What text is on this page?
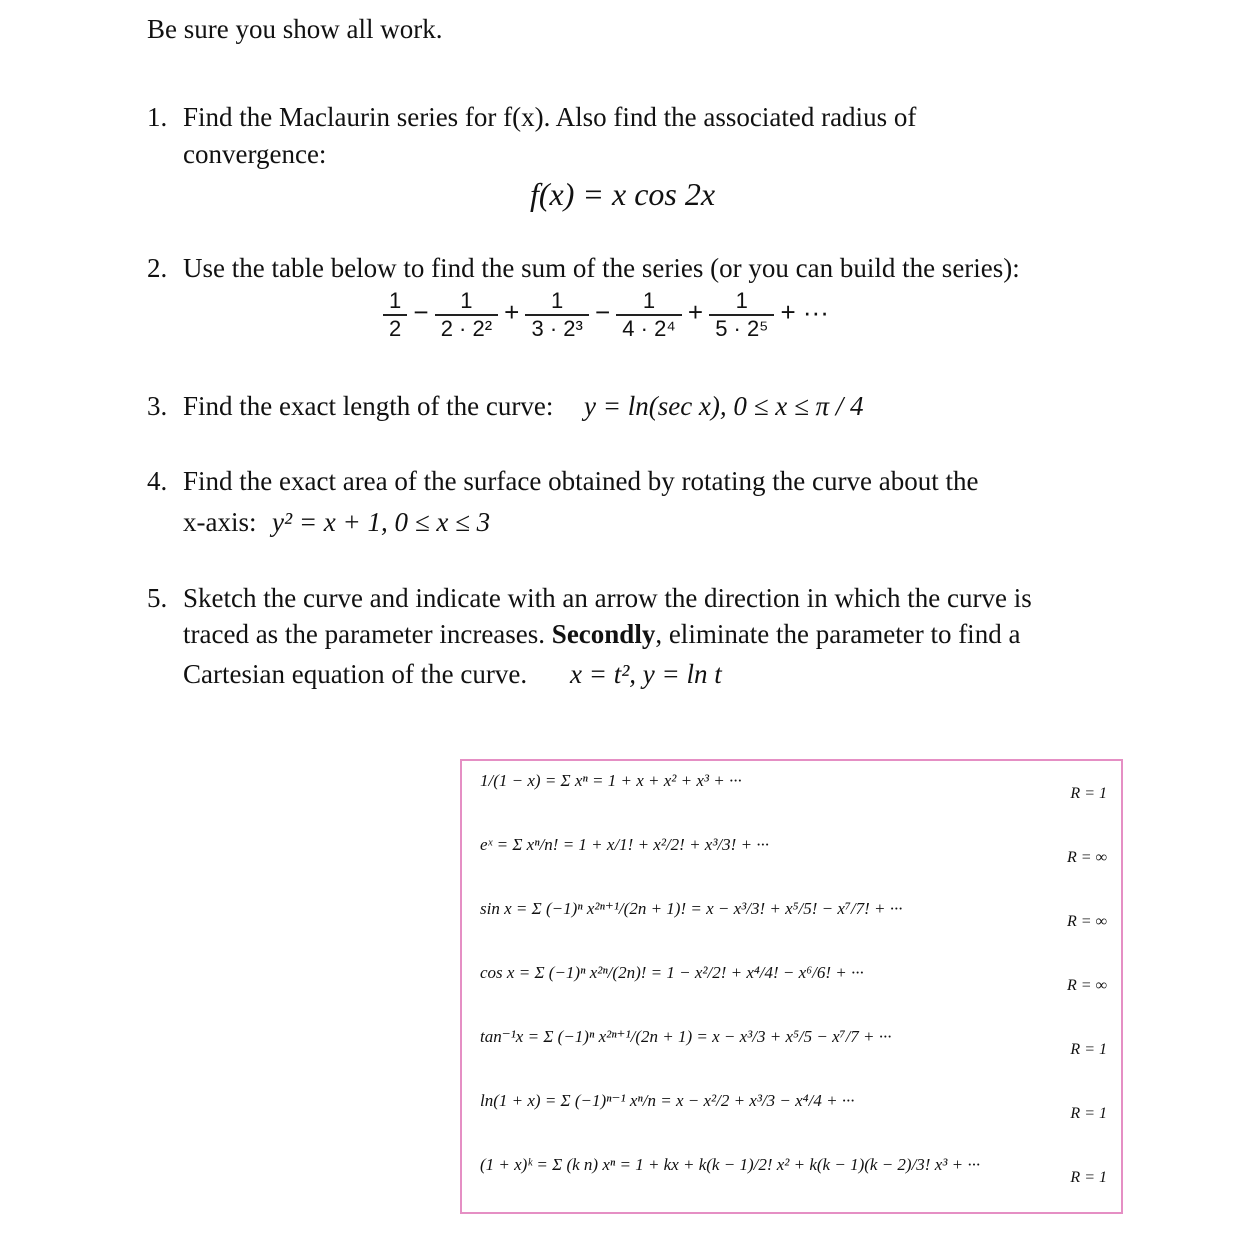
Be sure you show all work.
1. Find the Maclaurin series for f(x). Also find the associated radius of
convergence:
f(x) = x cos 2x
2. Use the table below to find the sum of the series (or you can build the series):
$\frac{1}{2} - \frac{1}{\text{2 · 2²}} + \frac{1}{\text{3 · 2³}} - \frac{1}{\text{4 · 2⁴}} + \frac{1}{\text{5 · 2⁵}}$ + ···
3. Find the exact length of the curve: y = ln(sec x), 0 ≤ x ≤ π / 4
4. Find the exact area of the surface obtained by rotating the curve about the
x-axis: y² = x + 1, 0 ≤ x ≤ 3
5. Sketch the curve and indicate with an arrow the direction in which the curve is
traced as the parameter increases. Secondly, eliminate the parameter to find a
Cartesian equation of the curve. x = t², y = ln t
1/(1 − x) = Σ xⁿ = 1 + x + x² + x³ + ···
R = 1
eˣ = Σ xⁿ/n! = 1 + x/1! + x²/2! + x³/3! + ···
R = ∞
sin x = Σ (−1)ⁿ x²ⁿ⁺¹/(2n + 1)! = x − x³/3! + x⁵/5! − x⁷/7! + ···
R = ∞
cos x = Σ (−1)ⁿ x²ⁿ/(2n)! = 1 − x²/2! + x⁴/4! − x⁶/6! + ···
R = ∞
tan⁻¹x = Σ (−1)ⁿ x²ⁿ⁺¹/(2n + 1) = x − x³/3 + x⁵/5 − x⁷/7 + ···
R = 1
ln(1 + x) = Σ (−1)ⁿ⁻¹ xⁿ/n = x − x²/2 + x³/3 − x⁴/4 + ···
R = 1
(1 + x)ᵏ = Σ (k n) xⁿ = 1 + kx + k(k − 1)/2! x² + k(k − 1)(k − 2)/3! x³ + ···
R = 1
